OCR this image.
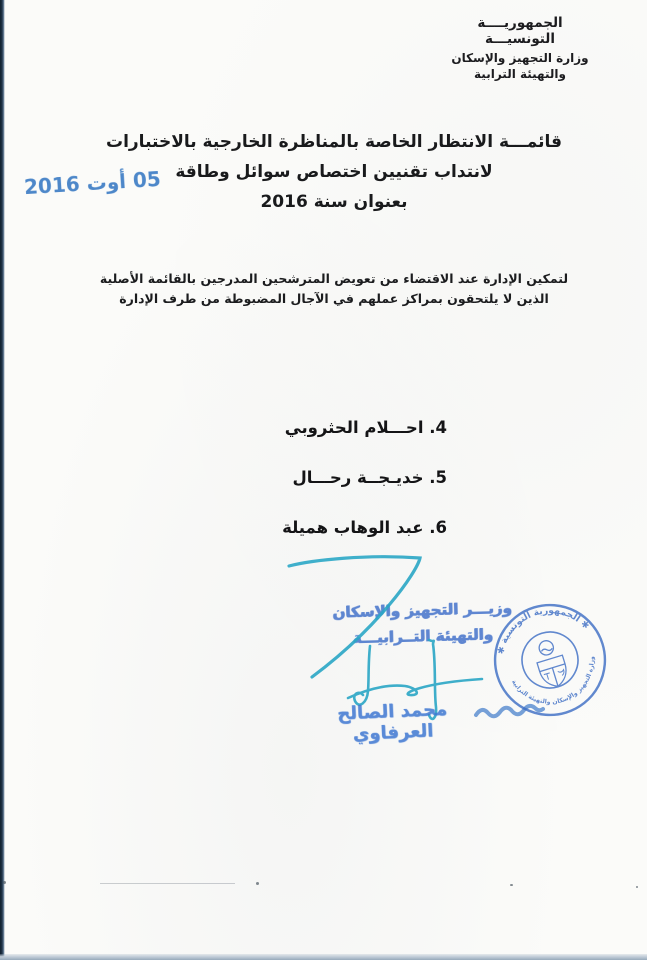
الجمهوريــــة التونسيـــة
وزارة التجهيز والإسكان
والتهيئة الترابية
05 أوت 2016
قائمـــة الانتظار الخاصة بالمناظرة الخارجية بالاختبارات
لانتداب تقنيين اختصاص سوائل وطاقة
بعنوان سنة 2016
لتمكين الإدارة عند الاقتضاء من تعويض المترشحين المدرجين بالقائمة الأصلية
الذين لا يلتحقون بمراكز عملهم في الآجال المضبوطة من طرف الإدارة
4. احـــلام الحثروبي
5. خديـجــة رحـــال
6. عبد الوهاب هميلة
وزيـــر التجهيز والإسكان
والتهيئة التــرابيـــة
محمد الصالح العرفاوي
✱ الجمهورية التونسية ✱
وزارة التجهيز والإسكان والتهيئة الترابية
